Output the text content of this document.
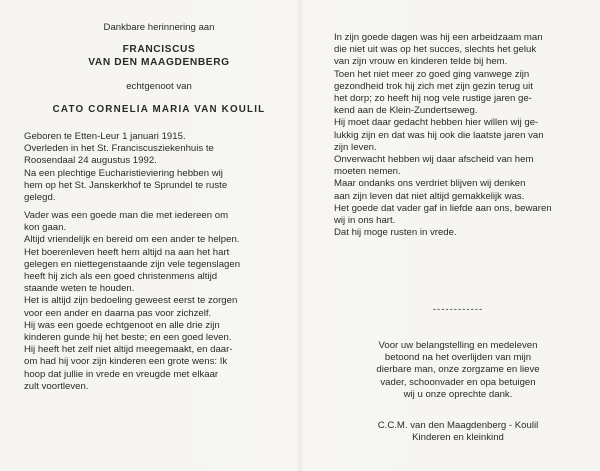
Dankbare herinnering aan

FRANCISCUS

VAN DEN MAAGDENBERG

echtgenoot van

CATO CORNELIA MARIA VAN KOULIL

Geboren te Etten-Leur 1 januari 1915.

Overleden in het St. Franciscusziekenhuis te

Roosendaal 24 augustus 1992.

Na een plechtige Eucharistieviering hebben wij

hem op het St. Janskerkhof te Sprundel te ruste

gelegd.

Vader was een goede man die met iedereen om

kon gaan.

Altijd vriendelijk en bereid om een ander te helpen.

Het boerenleven heeft hem altijd na aan het hart

gelegen en niettegenstaande zijn vele tegenslagen

heeft hij zich als een goed christenmens altijd

staande weten te houden.

Het is altijd zijn bedoeling geweest eerst te zorgen

voor een ander en daarna pas voor zichzelf.

Hij was een goede echtgenoot en alle drie zijn

kinderen gunde hij het beste; en een goed leven.

Hij heeft het zelf niet altijd meegemaakt, en daar-

om had hij voor zijn kinderen een grote wens: Ik

hoop dat jullie in vrede en vreugde met elkaar

zult voortleven.

In zijn goede dagen was hij een arbeidzaam man

die niet uit was op het succes, slechts het geluk

van zijn vrouw en kinderen telde bij hem.

Toen het niet meer zo goed ging vanwege zijn

gezondheid trok hij zich met zijn gezin terug uit

het dorp; zo heeft hij nog vele rustige jaren ge-

kend aan de Klein-Zundertseweg.

Hij moet daar gedacht hebben hier willen wij ge-

lukkig zijn en dat was hij ook die laatste jaren van

zijn leven.

Onverwacht hebben wij daar afscheid van hem

moeten nemen.

Maar ondanks ons verdriet blijven wij denken

aan zijn leven dat niet altijd gemakkelijk was.

Het goede dat vader gaf in liefde aan ons, bewaren

wij in ons hart.

Dat hij moge rusten in vrede.

------------

Voor uw belangstelling en medeleven

betoond na het overlijden van mijn

dierbare man, onze zorgzame en lieve

vader, schoonvader en opa betuigen

wij u onze oprechte dank.

C.C.M. van den Maagdenberg - Koulil

Kinderen en kleinkind
